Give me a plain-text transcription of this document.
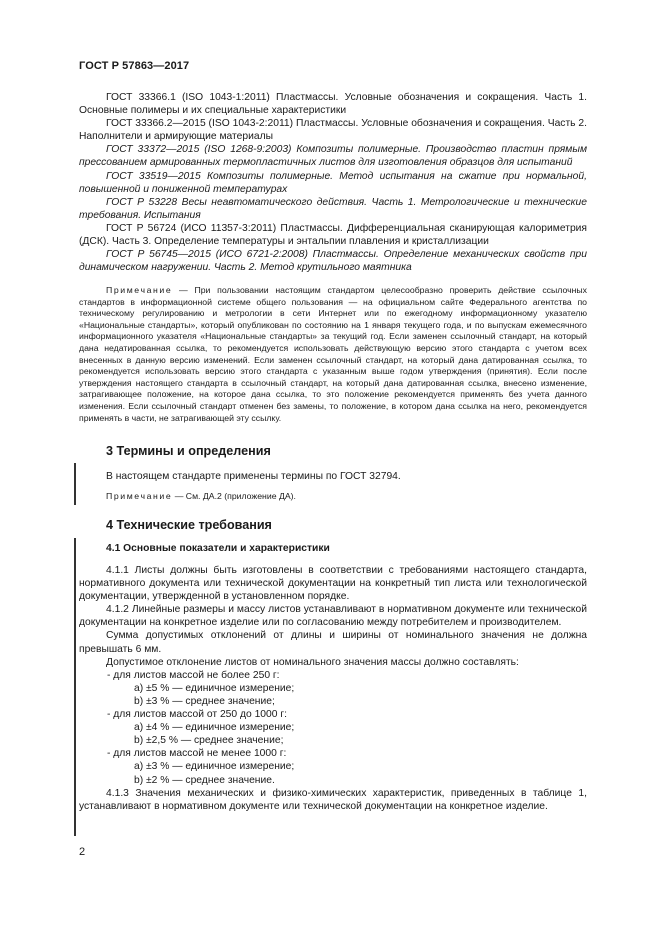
ГОСТ Р 57863—2017

ГОСТ 33366.1 (ISO 1043-1:2011) Пластмассы. Условные обозначения и сокращения. Часть 1. Основные полимеры и их специальные характеристики

ГОСТ 33366.2—2015 (ISO 1043-2:2011) Пластмассы. Условные обозначения и сокращения. Часть 2. Наполнители и армирующие материалы

ГОСТ 33372—2015 (ISO 1268-9:2003) Композиты полимерные. Производство пластин прямым прессованием армированных термопластичных листов для изготовления образцов для испытаний

ГОСТ 33519—2015 Композиты полимерные. Метод испытания на сжатие при нормальной, повышенной и пониженной температурах

ГОСТ Р 53228 Весы неавтоматического действия. Часть 1. Метрологические и технические требования. Испытания

ГОСТ Р 56724 (ИСО 11357-3:2011) Пластмассы. Дифференциальная сканирующая калориметрия (ДСК). Часть 3. Определение температуры и энтальпии плавления и кристаллизации

ГОСТ Р 56745—2015 (ИСО 6721-2:2008) Пластмассы. Определение механических свойств при динамическом нагружении. Часть 2. Метод крутильного маятника

Примечание — При пользовании настоящим стандартом целесообразно проверить действие ссылочных стандартов в информационной системе общего пользования — на официальном сайте Федерального агентства по техническому регулированию и метрологии в сети Интернет или по ежегодному информационному указателю «Национальные стандарты», который опубликован по состоянию на 1 января текущего года, и по выпускам ежемесячного информационного указателя «Национальные стандарты» за текущий год. Если заменен ссылочный стандарт, на который дана недатированная ссылка, то рекомендуется использовать действующую версию этого стандарта с учетом всех внесенных в данную версию изменений. Если заменен ссылочный стандарт, на который дана датированная ссылка, то рекомендуется использовать версию этого стандарта с указанным выше годом утверждения (принятия). Если после утверждения настоящего стандарта в ссылочный стандарт, на который дана датированная ссылка, внесено изменение, затрагивающее положение, на которое дана ссылка, то это положение рекомендуется применять без учета данного изменения. Если ссылочный стандарт отменен без замены, то положение, в котором дана ссылка на него, рекомендуется применять в части, не затрагивающей эту ссылку.

3 Термины и определения

В настоящем стандарте применены термины по ГОСТ 32794.

Примечание — См. ДА.2 (приложение ДА).

4 Технические требования
4.1 Основные показатели и характеристики

4.1.1 Листы должны быть изготовлены в соответствии с требованиями настоящего стандарта, нормативного документа или технической документации на конкретный тип листа или технологической документации, утвержденной в установленном порядке.

4.1.2 Линейные размеры и массу листов устанавливают в нормативном документе или технической документации на конкретное изделие или по согласованию между потребителем и производителем.

Сумма допустимых отклонений от длины и ширины от номинального значения не должна превышать 6 мм.

Допустимое отклонение листов от номинального значения массы должно составлять:

- для листов массой не более 250 г:

а) ±5 % — единичное измерение;

b) ±3 % — среднее значение;

- для листов массой от 250 до 1000 г:

а) ±4 % — единичное измерение;

b) ±2,5 % — среднее значение;

- для листов массой не менее 1000 г:

а) ±3 % — единичное измерение;

b) ±2 % — среднее значение.

4.1.3 Значения механических и физико-химических характеристик, приведенных в таблице 1, устанавливают в нормативном документе или технической документации на конкретное изделие.

2
